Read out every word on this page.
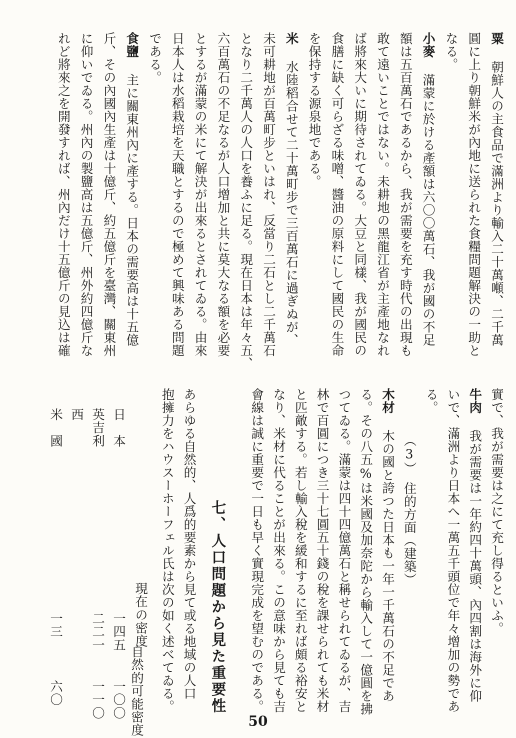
粟 朝鮮人の主食品で滿洲より輸入二十萬噸、二千萬
圓に上り朝鮮米が內地に送られた食糧問題解決の一助と
なる。
小麥 滿蒙に於ける產額は六〇〇萬石、我が國の不足
額は五百萬石であるから、我が需要を充す時代の出現も
敢て遠いことではない。未耕地の黑龍江省が主產地なれ
ば將來大いに期待されてゐる。大豆と同樣、我が國民の
食膳に缺く可らざる味噌、醬油の原料にして國民の生命
を保持する源泉地である。
米 水陸稻合せて二十萬町步で三百萬石に過ぎぬが、
未可耕地が百萬町步といはれ、反當り二石とし二千萬石
となり二千萬人の人口を養ふに足る。現在日本は年々五、
六百萬石の不足なるが人口增加と共に莫大なる額を必要
とするが滿蒙の米にて解決が出來るとされてゐる。由來
日本人は水稻栽培を天職とするので極めて興味ある問題
である。
食鹽 主に關東州內に產する。日本の需要高は十五億
斤、その內國內生產は十億斤、約五億斤を臺灣、關東州
に仰いでゐる。州內の製鹽高は五億斤、州外約四億斤な
れど將來之を開發すれば、州內だけ十五億斤の見込は確
實で、我が需要は之にて充し得るといふ。
牛肉 我が需要は一年約四十萬頭、內四割は海外に仰
いで、滿洲より日本へ一萬五千頭位で年々增加の勢であ
る。
　　　　（3）　住的方面（建築）
木材 木の國と誇つた日本も一年一千萬石の不足であ
る。その八五%は米國及加奈陀から輸入して一億圓を拂
つてゐる。滿蒙は四十四億萬石と稱せられてゐるが、吉
林で百圓につき三十七圓五十錢の稅を課せられても米材
と匹敵する。若し輸入稅を緩和するに至れば頗る裕安と
なり、米材に代ることが出來る。この意味から見ても吉
會線は誠に重要で一日も早く實現完成を望むのである。
七、人口問題から見た重要性
あらゆる自然的、人爲的要素から見て或る地域の人口
抱擁力をハウスーホーフェル氏は次の如く述べてゐる。
現在の密度
自然的可能密度
日　本
一四五
一〇〇
英吉利
二二一
一一〇
西
米　國
一三
六〇
50
